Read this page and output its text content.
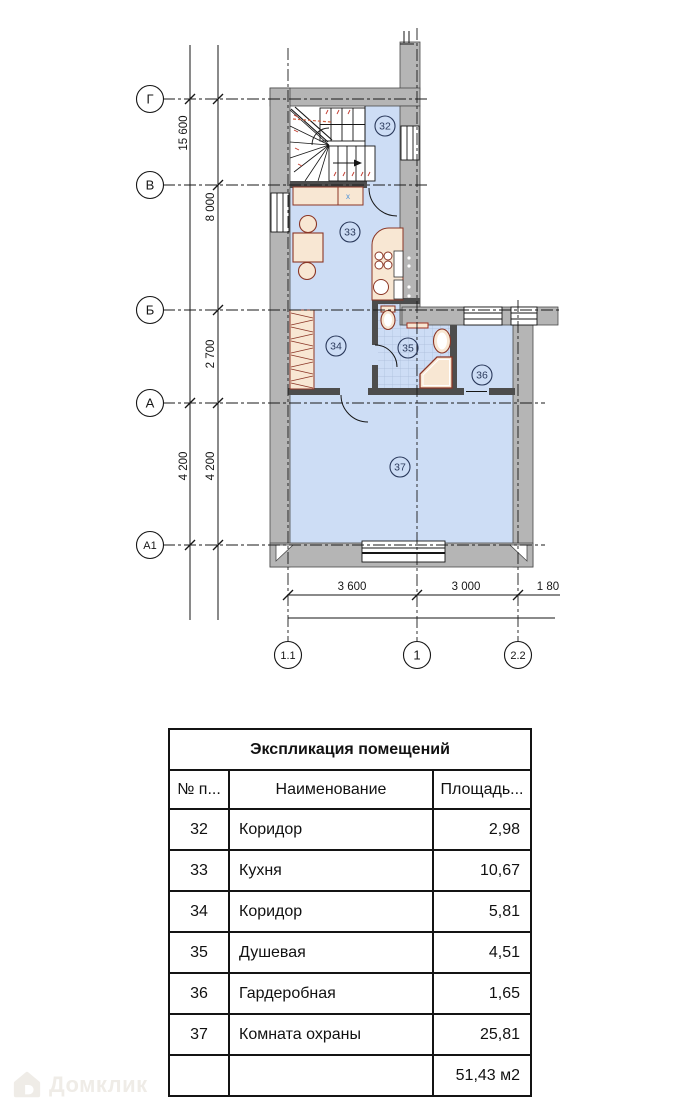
x
15 600
8 000
2 700
4 200 4 200
3 600	3 000	1 80
Г
В
Б
А
А1
1.1	1	2.2
32
33
34	35
36
37
Экспликация помещений		
№ п...	Наименование	Площадь...
32	Коридор	2,98
33	Кухня	10,67
34	Коридор	5,81
35	Душевая	4,51
36	Гардеробная	1,65
37	Комната охраны	25,81
		51,43 м2
Домклик
